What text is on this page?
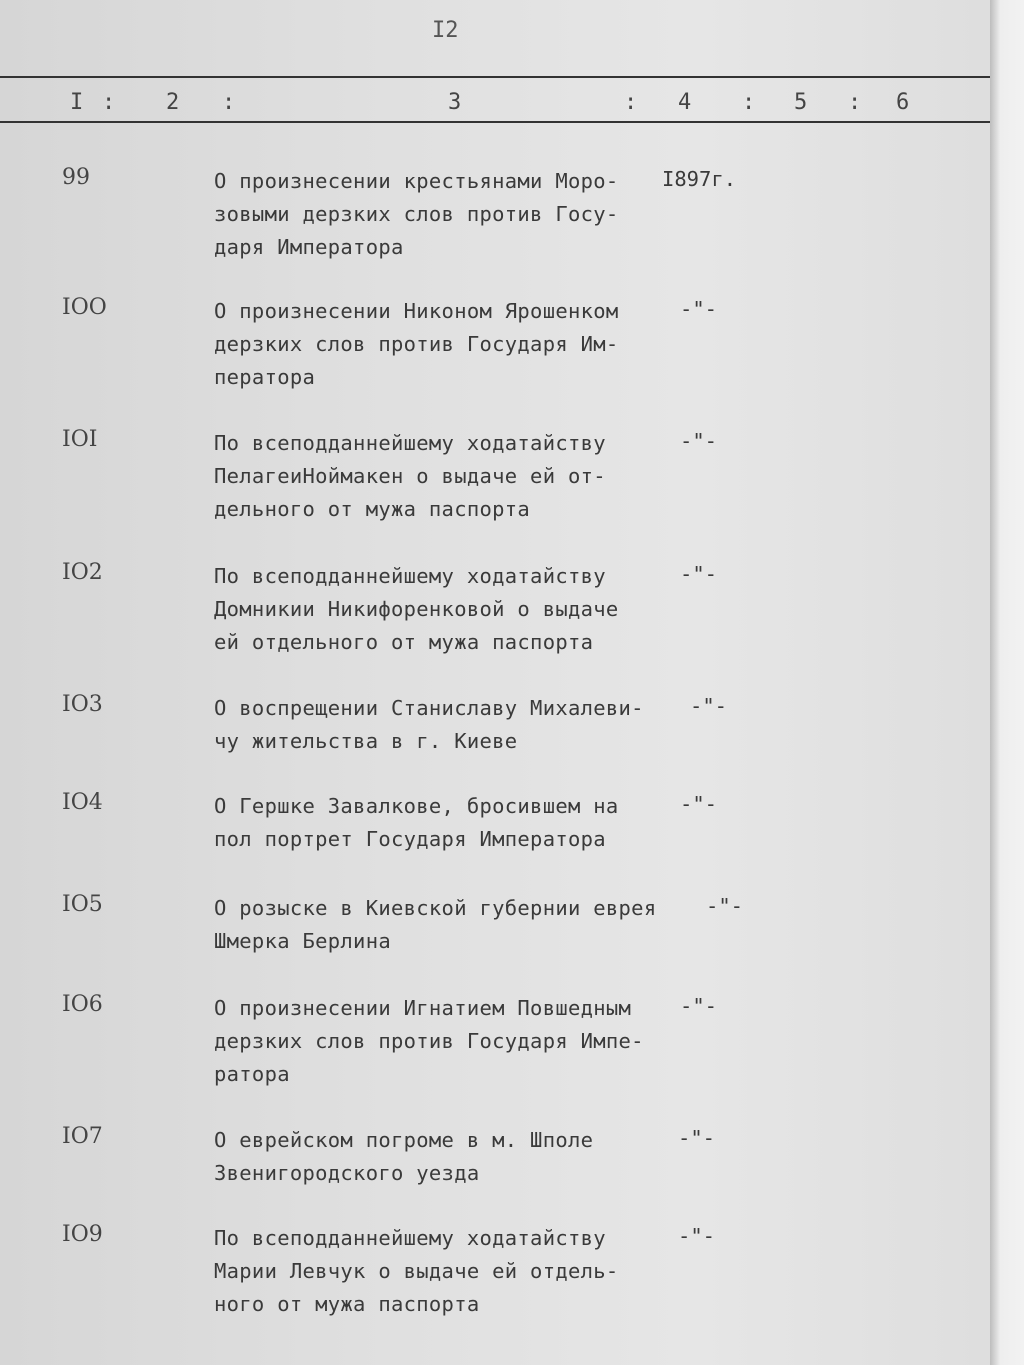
I2
I : 2 :	3	: 4 : 5 : 6
99	О произнесении крестьянами Моро-
зовыми дерзких слов против Госу-
даря Императора
I897г.
IOO	О произнесении Никоном Ярошенком
дерзких слов против Государя Им-
ператора
-"-
IOI	По всеподданнейшему ходатайству
ПелагеиНоймакен о выдаче ей от-
дельного от мужа паспорта
-"-
IO2	По всеподданнейшему ходатайству
Домникии Никифоренковой о выдаче
ей отдельного от мужа паспорта
-"-
IO3	О воспрещении Станиславу Михалеви-
чу жительства в г. Киеве
-"-
IO4	О Гершке Завалкове, бросившем на
пол портрет Государя Императора
-"-
IO5	О розыске в Киевской губернии еврея
Шмерка Берлина
-"-
IO6	О произнесении Игнатием Повшедным
дерзких слов против Государя Импе-
ратора
-"-
IO7	О еврейском погроме в м. Шполе
Звенигородского уезда
-"-
IO9	По всеподданнейшему ходатайству
Марии Левчук о выдаче ей отдель-
ного от мужа паспорта
-"-
